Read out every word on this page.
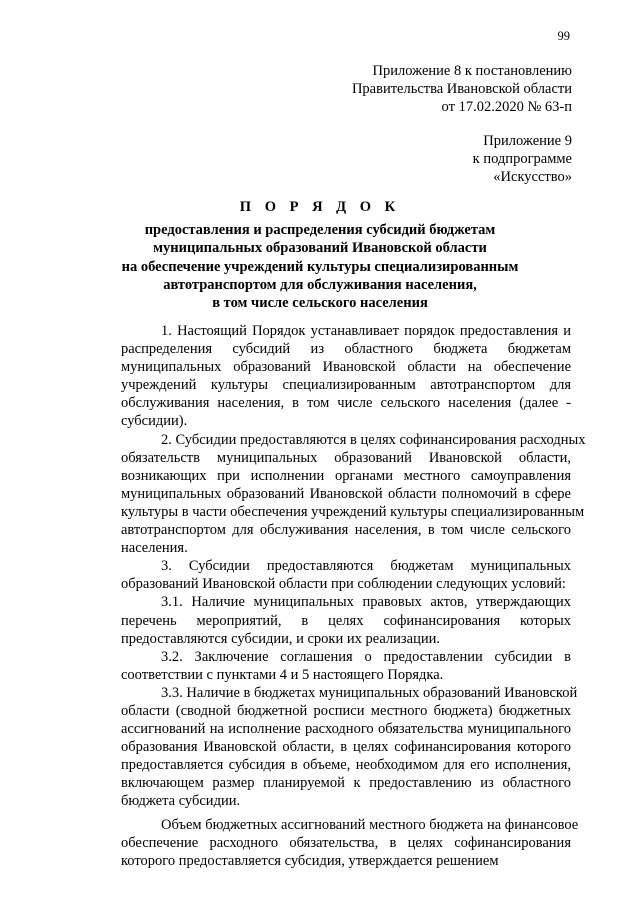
99
Приложение 8 к постановлению
Правительства Ивановской области
от 17.02.2020 № 63-п
Приложение 9
к подпрограмме
«Искусство»
П О Р Я Д О К
предоставления и распределения субсидий бюджетам
муниципальных образований Ивановской области
на обеспечение учреждений культуры специализированным
автотранспортом для обслуживания населения,
в том числе сельского населения
1. Настоящий Порядок устанавливает порядок предоставления и
распределения субсидий из областного бюджета бюджетам
муниципальных образований Ивановской области на обеспечение
учреждений культуры специализированным автотранспортом для
обслуживания населения, в том числе сельского населения (далее -
субсидии).
2. Субсидии предоставляются в целях софинансирования расходных
обязательств муниципальных образований Ивановской области,
возникающих при исполнении органами местного самоуправления
муниципальных образований Ивановской области полномочий в сфере
культуры в части обеспечения учреждений культуры специализированным
автотранспортом для обслуживания населения, в том числе сельского
населения.
3. Субсидии предоставляются бюджетам муниципальных
образований Ивановской области при соблюдении следующих условий:
3.1. Наличие муниципальных правовых актов, утверждающих
перечень мероприятий, в целях софинансирования которых
предоставляются субсидии, и сроки их реализации.
3.2. Заключение соглашения о предоставлении субсидии в
соответствии с пунктами 4 и 5 настоящего Порядка.
3.3. Наличие в бюджетах муниципальных образований Ивановской
области (сводной бюджетной росписи местного бюджета) бюджетных
ассигнований на исполнение расходного обязательства муниципального
образования Ивановской области, в целях софинансирования которого
предоставляется субсидия в объеме, необходимом для его исполнения,
включающем размер планируемой к предоставлению из областного
бюджета субсидии.
Объем бюджетных ассигнований местного бюджета на финансовое
обеспечение расходного обязательства, в целях софинансирования
которого предоставляется субсидия, утверждается решением
